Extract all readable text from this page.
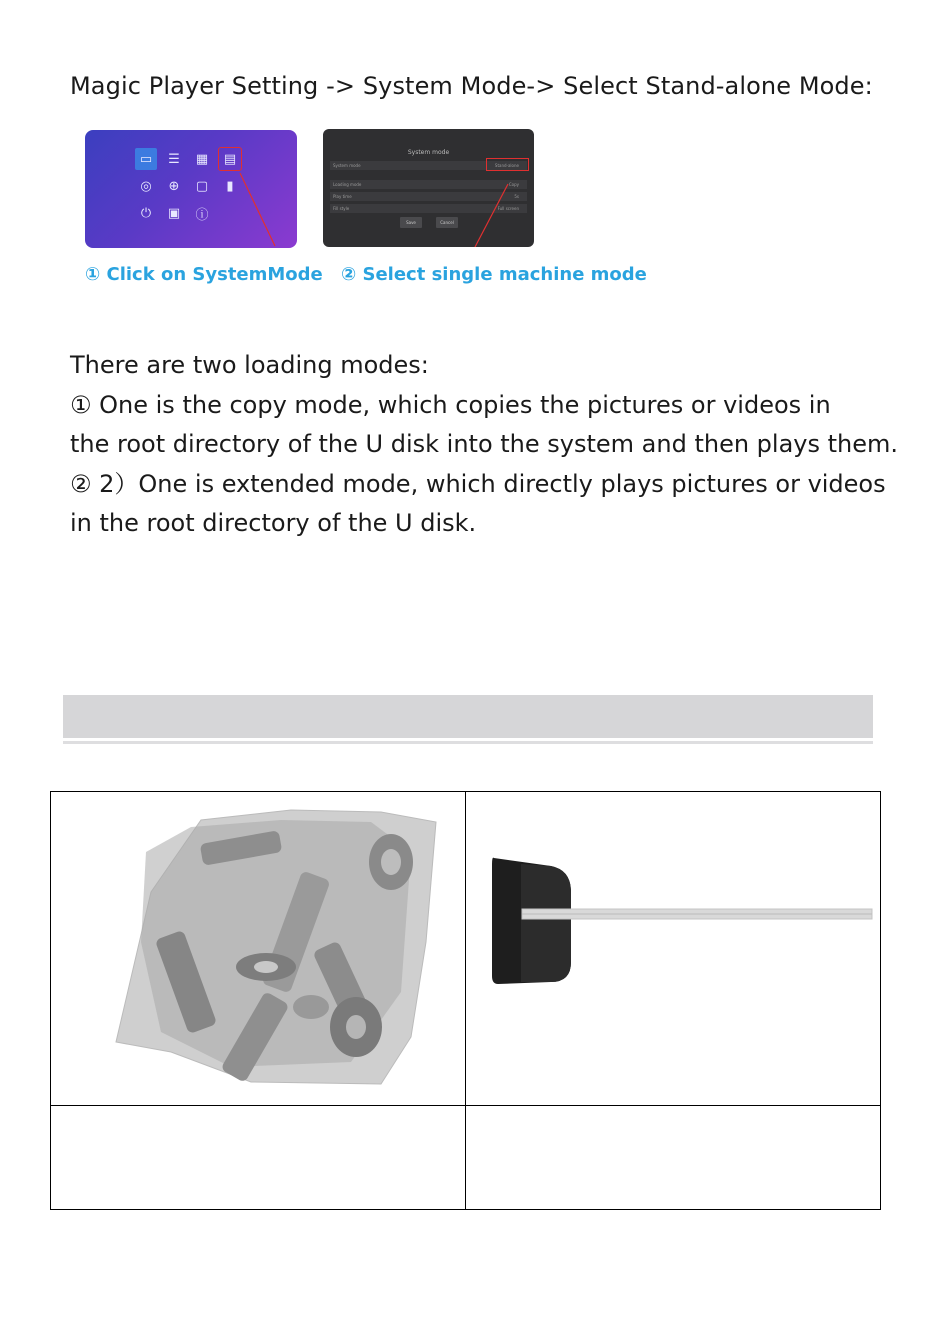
Magic Player Setting -> System Mode-> Select Stand-alone Mode:
▭	☰	▦	▤
◎	⊕	▢	▮
⏻	▣	ⓘ
System mode
System mode	Stand-alone
Loading mode	Copy
Play time	5s
Fill style	Full screen
Save	Cancel

① Click on SystemMode ② Select single machine mode

There are two loading modes:
① One is the copy mode, which copies the pictures or videos in
the root directory of the U disk into the system and then plays them.
② 2）One is extended mode, which directly plays pictures or videos
in the root directory of the U disk.
